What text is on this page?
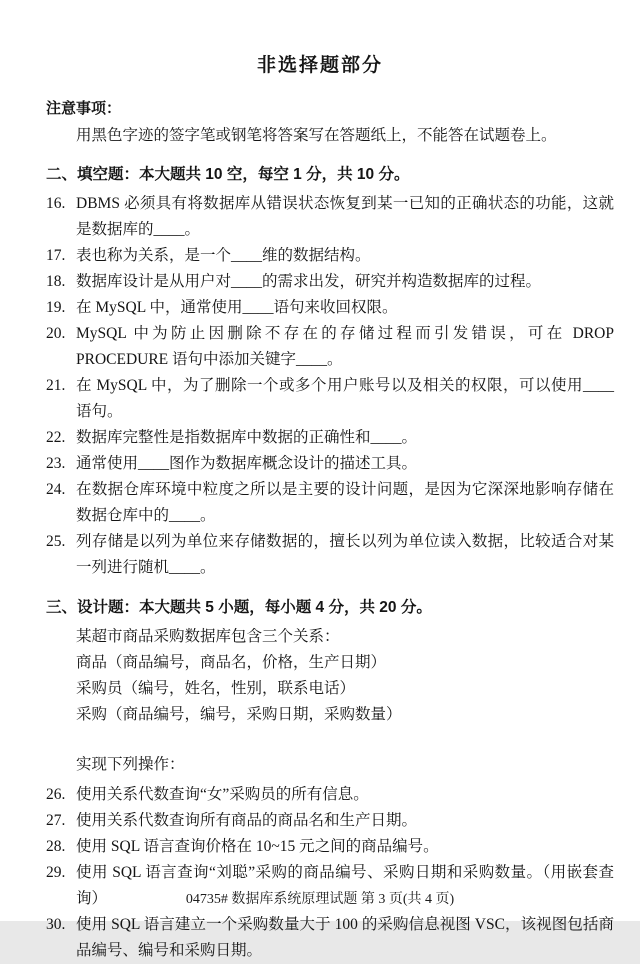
非选择题部分
注意事项：

用黑色字迹的签字笔或钢笔将答案写在答题纸上，不能答在试题卷上。

二、填空题：本大题共 10 空，每空 1 分，共 10 分。
16. DBMS 必须具有将数据库从错误状态恢复到某一已知的正确状态的功能，这就是数据库的____。
17. 表也称为关系，是一个____维的数据结构。
18. 数据库设计是从用户对____的需求出发，研究并构造数据库的过程。
19. 在 MySQL 中，通常使用____语句来收回权限。
20. MySQL 中为防止因删除不存在的存储过程而引发错误，可在 DROP PROCEDURE 语句中添加关键字____。
21. 在 MySQL 中，为了删除一个或多个用户账号以及相关的权限，可以使用____语句。
22. 数据库完整性是指数据库中数据的正确性和____。
23. 通常使用____图作为数据库概念设计的描述工具。
24. 在数据仓库环境中粒度之所以是主要的设计问题，是因为它深深地影响存储在数据仓库中的____。
25. 列存储是以列为单位来存储数据的，擅长以列为单位读入数据，比较适合对某一列进行随机____。
三、设计题：本大题共 5 小题，每小题 4 分，共 20 分。
某超市商品采购数据库包含三个关系：
商品（商品编号，商品名，价格，生产日期）
采购员（编号，姓名，性别，联系电话）
采购（商品编号，编号，采购日期，采购数量）
实现下列操作：
26. 使用关系代数查询“女”采购员的所有信息。
27. 使用关系代数查询所有商品的商品名和生产日期。
28. 使用 SQL 语言查询价格在 10~15 元之间的商品编号。
29. 使用 SQL 语言查询“刘聪”采购的商品编号、采购日期和采购数量。（用嵌套查询）
30. 使用 SQL 语言建立一个采购数量大于 100 的采购信息视图 VSC，该视图包括商品编号、编号和采购日期。
04735# 数据库系统原理试题 第 3 页(共 4 页)
